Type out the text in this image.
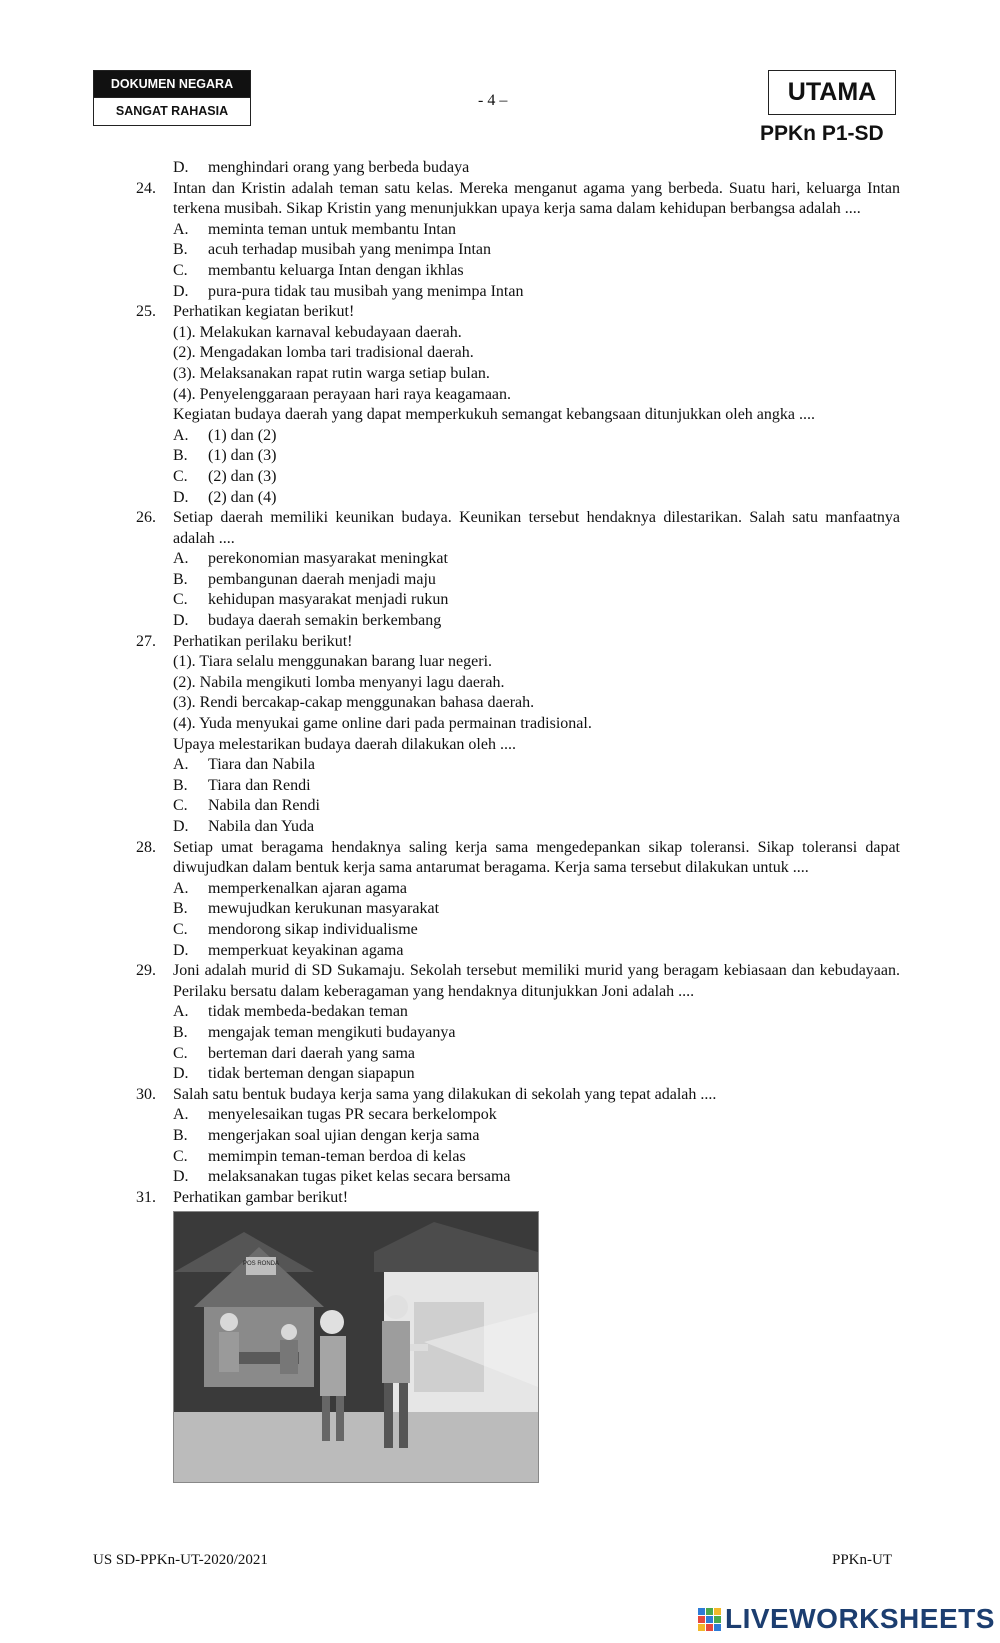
DOKUMEN NEGARA
SANGAT RAHASIA
- 4 –	UTAMA
PPKn P1-SD
D. menghindari orang yang berbeda budaya
24. Intan dan Kristin adalah teman satu kelas. Mereka menganut agama yang berbeda. Suatu hari, keluarga Intan terkena musibah. Sikap Kristin yang menunjukkan upaya kerja sama dalam kehidupan berbangsa adalah ....
A. meminta teman untuk membantu Intan
B. acuh terhadap musibah yang menimpa Intan
C. membantu keluarga Intan dengan ikhlas
D. pura-pura tidak tau musibah yang menimpa Intan
25. Perhatikan kegiatan berikut!
(1). Melakukan karnaval kebudayaan daerah.
(2). Mengadakan lomba tari tradisional daerah.
(3). Melaksanakan rapat rutin warga setiap bulan.
(4). Penyelenggaraan perayaan hari raya keagamaan.
Kegiatan budaya daerah yang dapat memperkukuh semangat kebangsaan ditunjukkan oleh angka ....
A. (1) dan (2)
B. (1) dan (3)
C. (2) dan (3)
D. (2) dan (4)
26. Setiap daerah memiliki keunikan budaya. Keunikan tersebut hendaknya dilestarikan. Salah satu manfaatnya adalah ....
A. perekonomian masyarakat meningkat
B. pembangunan daerah menjadi maju
C. kehidupan masyarakat menjadi rukun
D. budaya daerah semakin berkembang
27. Perhatikan perilaku berikut!
(1). Tiara selalu menggunakan barang luar negeri.
(2). Nabila mengikuti lomba menyanyi lagu daerah.
(3). Rendi bercakap-cakap menggunakan bahasa daerah.
(4). Yuda menyukai game online dari pada permainan tradisional.
Upaya melestarikan budaya daerah dilakukan oleh ....
A. Tiara dan Nabila
B. Tiara dan Rendi
C. Nabila dan Rendi
D. Nabila dan Yuda
28. Setiap umat beragama hendaknya saling kerja sama mengedepankan sikap toleransi. Sikap toleransi dapat diwujudkan dalam bentuk kerja sama antarumat beragama. Kerja sama tersebut dilakukan untuk ....
A. memperkenalkan ajaran agama
B. mewujudkan kerukunan masyarakat
C. mendorong sikap individualisme
D. memperkuat keyakinan agama
29. Joni adalah murid di SD Sukamaju. Sekolah tersebut memiliki murid yang beragam kebiasaan dan kebudayaan. Perilaku bersatu dalam keberagaman yang hendaknya ditunjukkan Joni adalah ....
A. tidak membeda-bedakan teman
B. mengajak teman mengikuti budayanya
C. berteman dari daerah yang sama
D. tidak berteman dengan siapapun
30. Salah satu bentuk budaya kerja sama yang dilakukan di sekolah yang tepat adalah ....
A. menyelesaikan tugas PR secara berkelompok
B. mengerjakan soal ujian dengan kerja sama
C. memimpin teman-teman berdoa di kelas
D. melaksanakan tugas piket kelas secara bersama
31. Perhatikan gambar berikut!
POS RONDA
US SD-PPKn-UT-2020/2021	PPKn-UT
LIVEWORKSHEETS
